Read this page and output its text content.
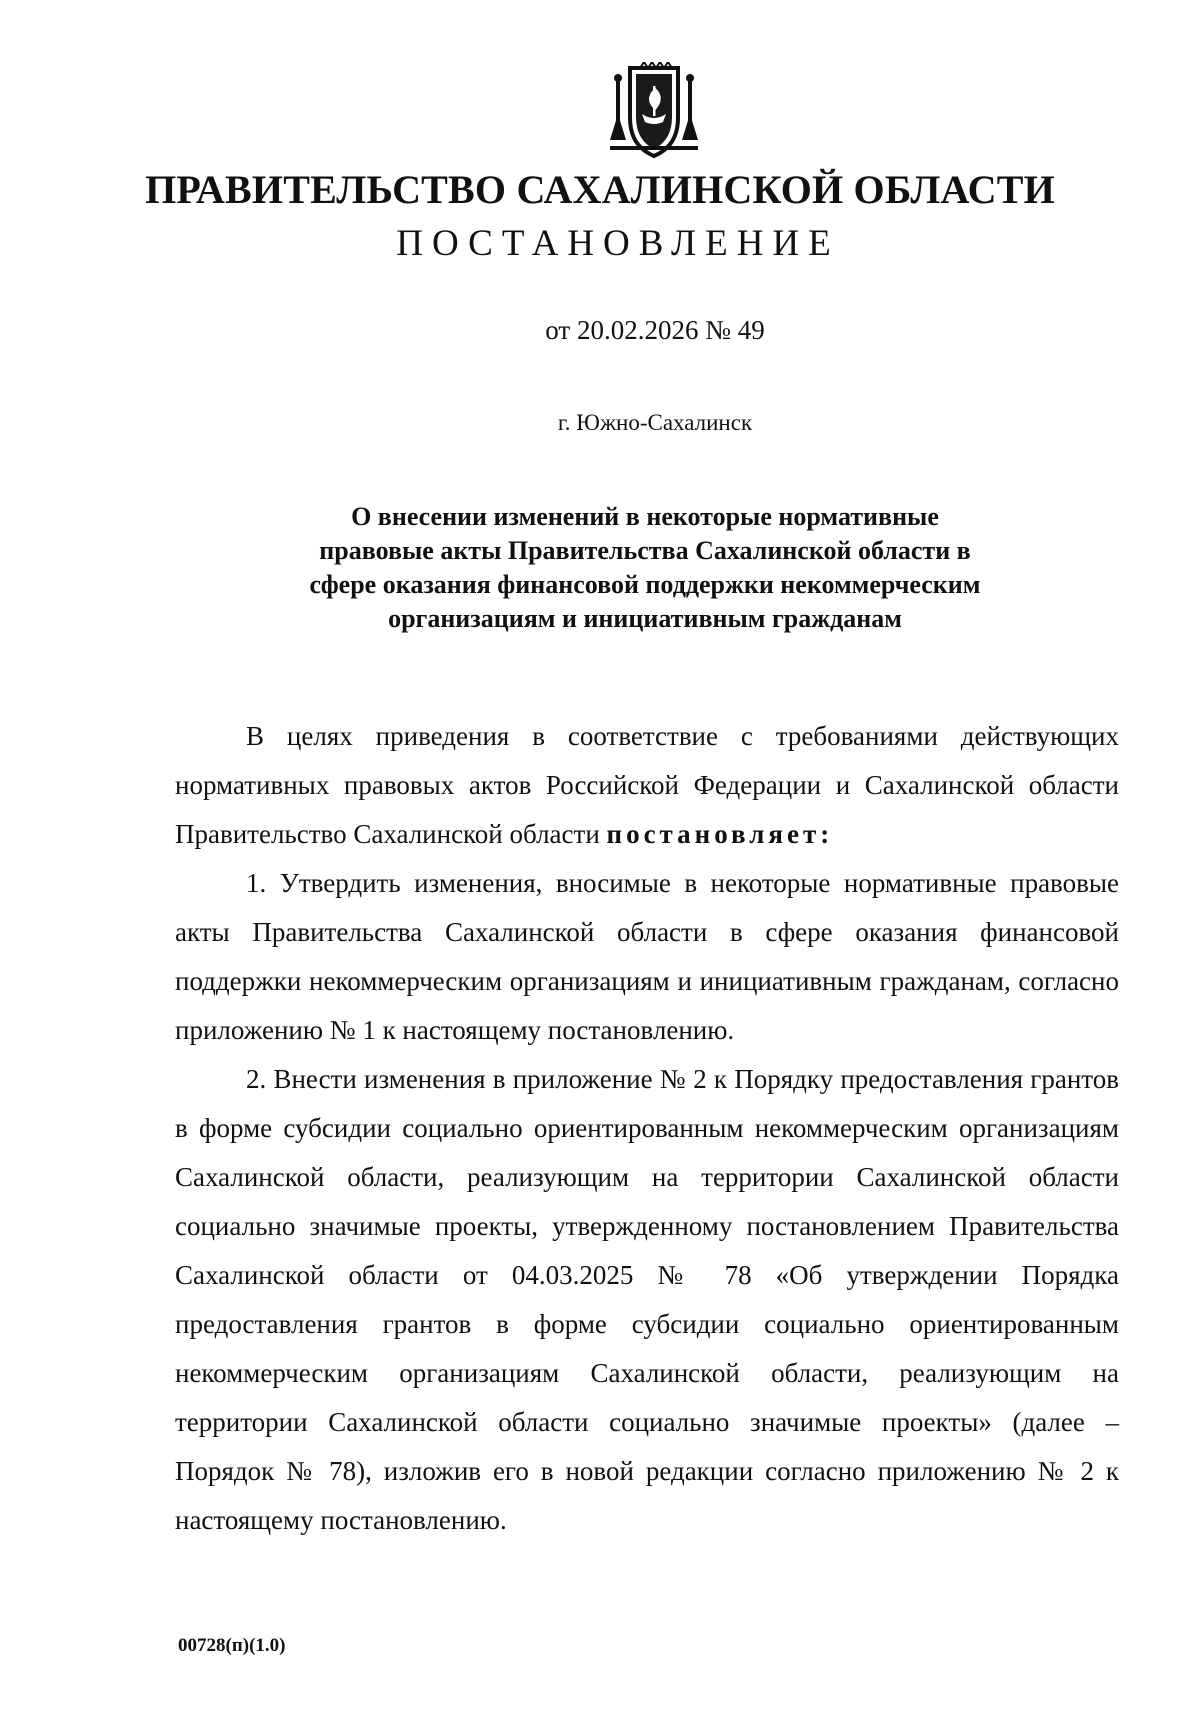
ПРАВИТЕЛЬСТВО САХАЛИНСКОЙ ОБЛАСТИ
ПОСТАНОВЛЕНИЕ
от 20.02.2026 № 49
г. Южно-Сахалинск
О внесении изменений в некоторые нормативные правовые акты Правительства Сахалинской области в сфере оказания финансовой поддержки некоммерческим организациям и инициативным гражданам

В целях приведения в соответствие с требованиями действующих нормативных правовых актов Российской Федерации и Сахалинской области Правительство Сахалинской области постановляет:

1. Утвердить изменения, вносимые в некоторые нормативные правовые акты Правительства Сахалинской области в сфере оказания финансовой поддержки некоммерческим организациям и инициативным гражданам, согласно приложению № 1 к настоящему постановлению.

2. Внести изменения в приложение № 2 к Порядку предоставления грантов в форме субсидии социально ориентированным некоммерческим организациям Сахалинской области, реализующим на территории Сахалинской области социально значимые проекты, утвержденному постановлением Правительства Сахалинской области от 04.03.2025 № 78 «Об утверждении Порядка предоставления грантов в форме субсидии социально ориентированным некоммерческим организациям Сахалинской области, реализующим на территории Сахалинской области социально значимые проекты» (далее – Порядок № 78), изложив его в новой редакции согласно приложению № 2 к настоящему постановлению.

00728(п)(1.0)
